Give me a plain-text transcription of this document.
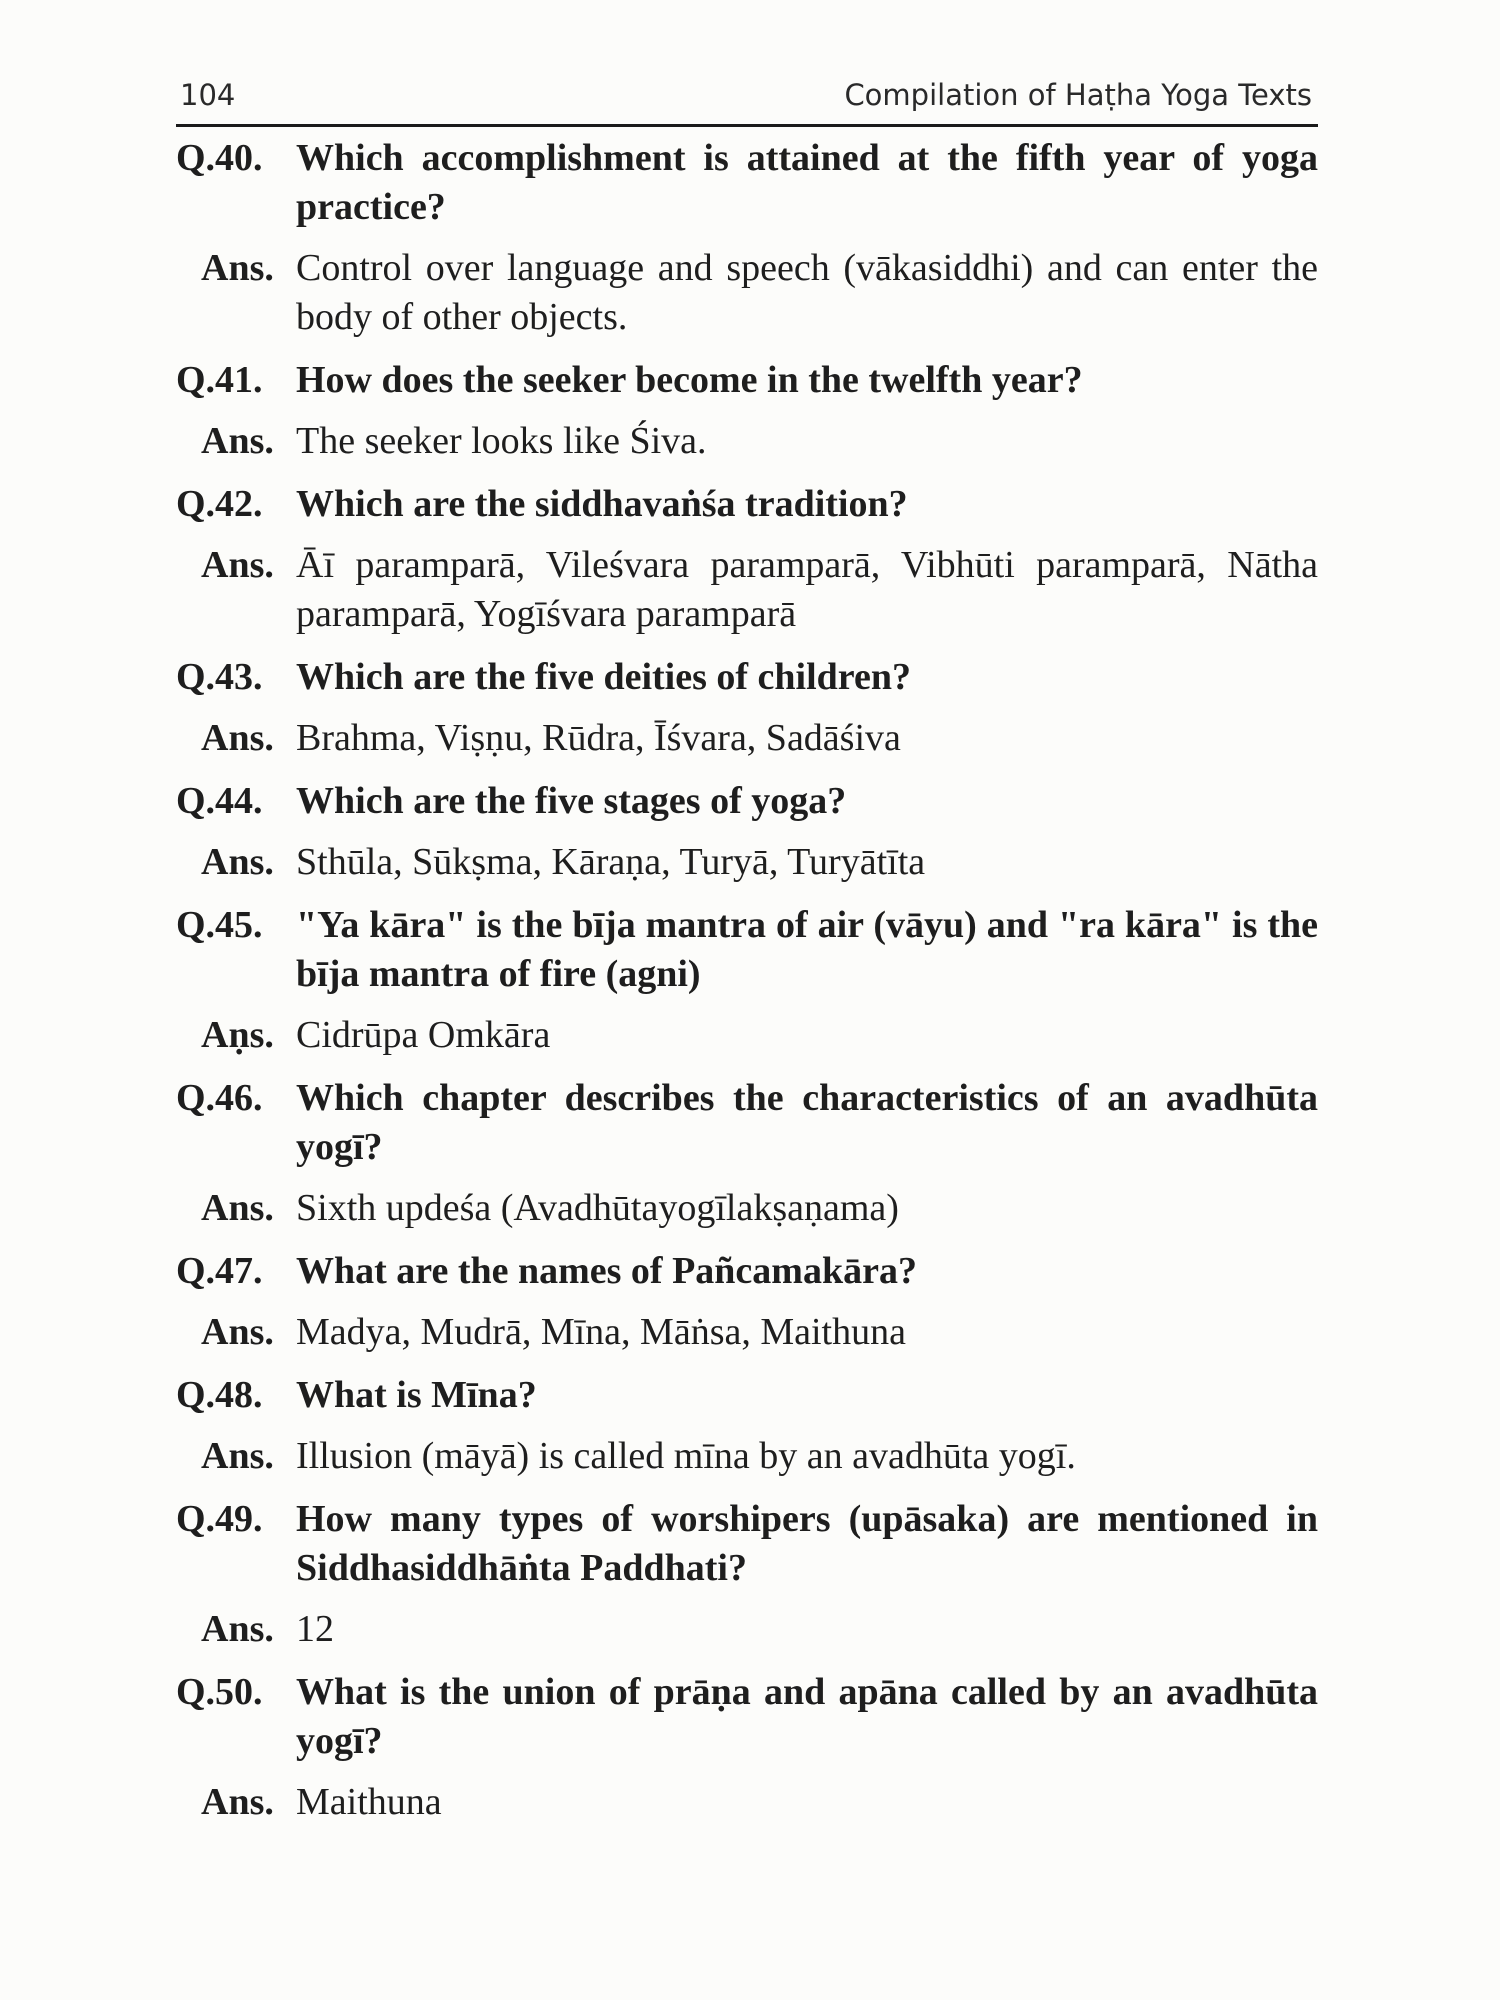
104	Compilation of Haṭha Yoga Texts
Q.40. Which accomplishment is attained at the fifth year of yoga practice?
Ans. Control over language and speech (vākasiddhi) and can enter the body of other objects.
Q.41. How does the seeker become in the twelfth year?
Ans. The seeker looks like Śiva.
Q.42. Which are the siddhavaṅśa tradition?
Ans. Āī paramparā, Vileśvara paramparā, Vibhūti paramparā, Nātha paramparā, Yogīśvara paramparā
Q.43. Which are the five deities of children?
Ans. Brahma, Viṣṇu, Rūdra, Īśvara, Sadāśiva
Q.44. Which are the five stages of yoga?
Ans. Sthūla, Sūkṣma, Kāraṇa, Turyā, Turyātīta
Q.45. "Ya kāra" is the bīja mantra of air (vāyu) and "ra kāra" is the bīja mantra of fire (agni)
Aṇs. Cidrūpa Omkāra
Q.46. Which chapter describes the characteristics of an avadhūta yogī?
Ans. Sixth updeśa (Avadhūtayogīlakṣaṇama)
Q.47. What are the names of Pañcamakāra?
Ans. Madya, Mudrā, Mīna, Māṅsa, Maithuna
Q.48. What is Mīna?
Ans. Illusion (māyā) is called mīna by an avadhūta yogī.
Q.49. How many types of worshipers (upāsaka) are mentioned in Siddhasiddhāṅta Paddhati?
Ans. 12
Q.50. What is the union of prāṇa and apāna called by an avadhūta yogī?
Ans. Maithuna
